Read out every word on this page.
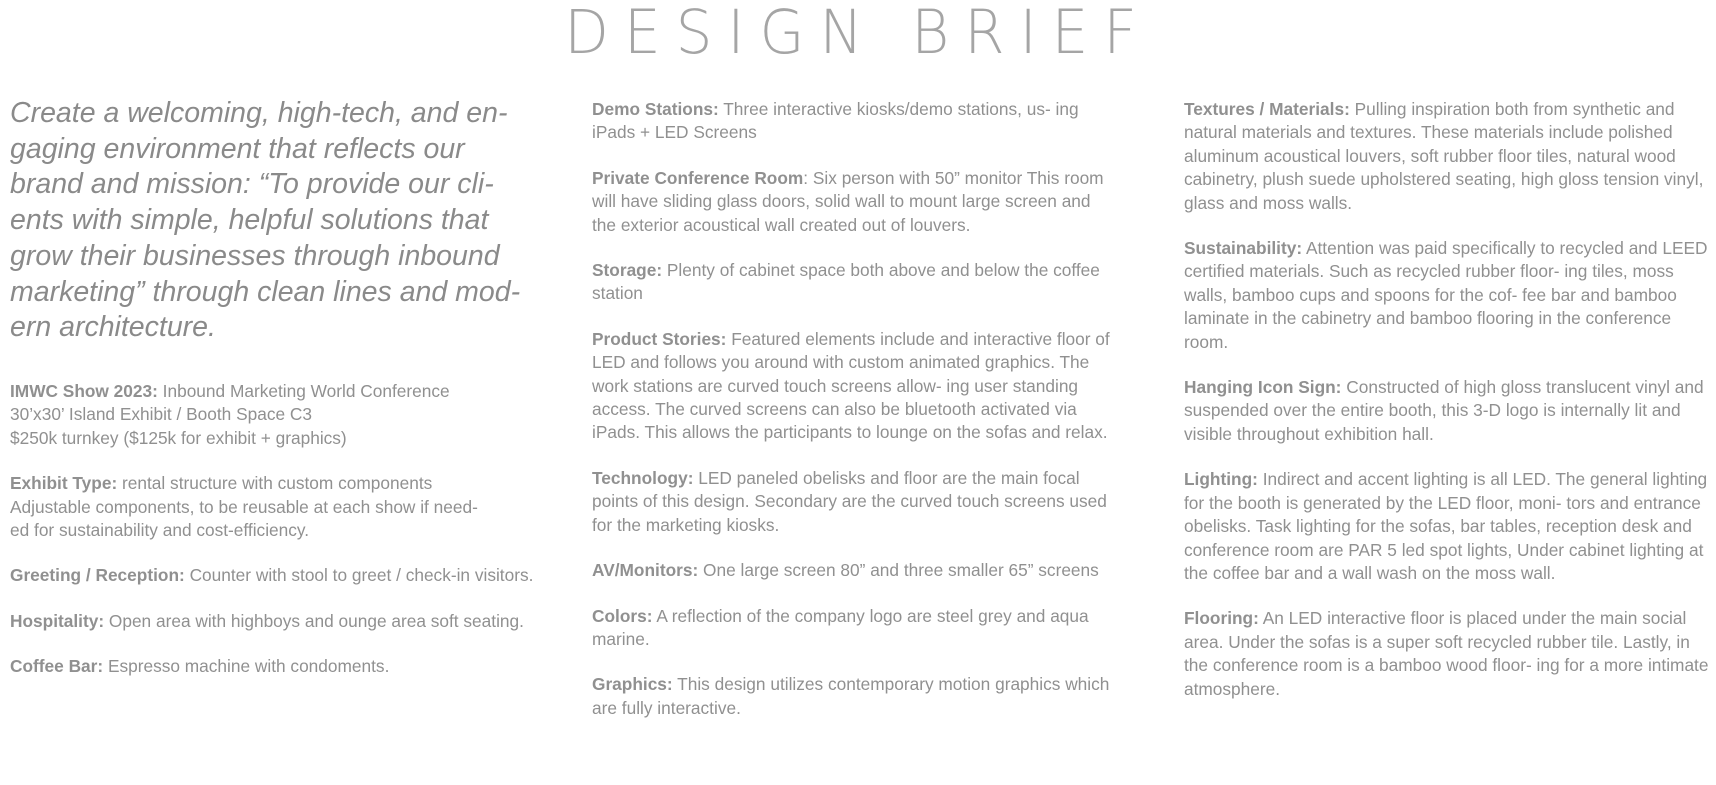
DESIGN BRIEF
Create a welcoming, high-tech, and en-
gaging environment that reflects our
brand and mission: “To provide our cli-
ents with simple, helpful solutions that
grow their businesses through inbound
marketing” through clean lines and mod-
ern architecture.
IMWC Show 2023: Inbound Marketing World Conference
30’x30’ Island Exhibit / Booth Space C3
$250k turnkey ($125k for exhibit + graphics)
Exhibit Type: rental structure with custom components
Adjustable components, to be reusable at each show if need-
ed for sustainability and cost-efficiency.
Greeting / Reception: Counter with stool to greet / check-in visitors.
Hospitality: Open area with highboys and ounge area soft seating.
Coffee Bar: Espresso machine with condoments.
Demo Stations: Three interactive kiosks/demo stations, us- ing iPads + LED Screens
Private Conference Room: Six person with 50” monitor This room will have sliding glass doors, solid wall to mount large screen and the exterior acoustical wall created out of louvers.
Storage: Plenty of cabinet space both above and below the coffee station
Product Stories: Featured elements include and interactive floor of LED and follows you around with custom animated graphics. The work stations are curved touch screens allow- ing user standing access. The curved screens can also be bluetooth activated via iPads. This allows the participants to lounge on the sofas and relax.
Technology: LED paneled obelisks and floor are the main focal points of this design. Secondary are the curved touch screens used for the marketing kiosks.
AV/Monitors: One large screen 80” and three smaller 65” screens
Colors: A reflection of the company logo are steel grey and aqua marine.
Graphics: This design utilizes contemporary motion graphics which are fully interactive.
Textures / Materials: Pulling inspiration both from synthetic and natural materials and textures. These materials include polished aluminum acoustical louvers, soft rubber floor tiles, natural wood cabinetry, plush suede upholstered seating, high gloss tension vinyl, glass and moss walls.
Sustainability: Attention was paid specifically to recycled and LEED certified materials. Such as recycled rubber floor- ing tiles, moss walls, bamboo cups and spoons for the cof- fee bar and bamboo laminate in the cabinetry and bamboo flooring in the conference room.
Hanging Icon Sign: Constructed of high gloss translucent vinyl and suspended over the entire booth, this 3-D logo is internally lit and visible throughout exhibition hall.
Lighting: Indirect and accent lighting is all LED. The general lighting for the booth is generated by the LED floor, moni- tors and entrance obelisks. Task lighting for the sofas, bar tables, reception desk and conference room are PAR 5 led spot lights, Under cabinet lighting at the coffee bar and a wall wash on the moss wall.
Flooring: An LED interactive floor is placed under the main social area. Under the sofas is a super soft recycled rubber tile. Lastly, in the conference room is a bamboo wood floor- ing for a more intimate atmosphere.
